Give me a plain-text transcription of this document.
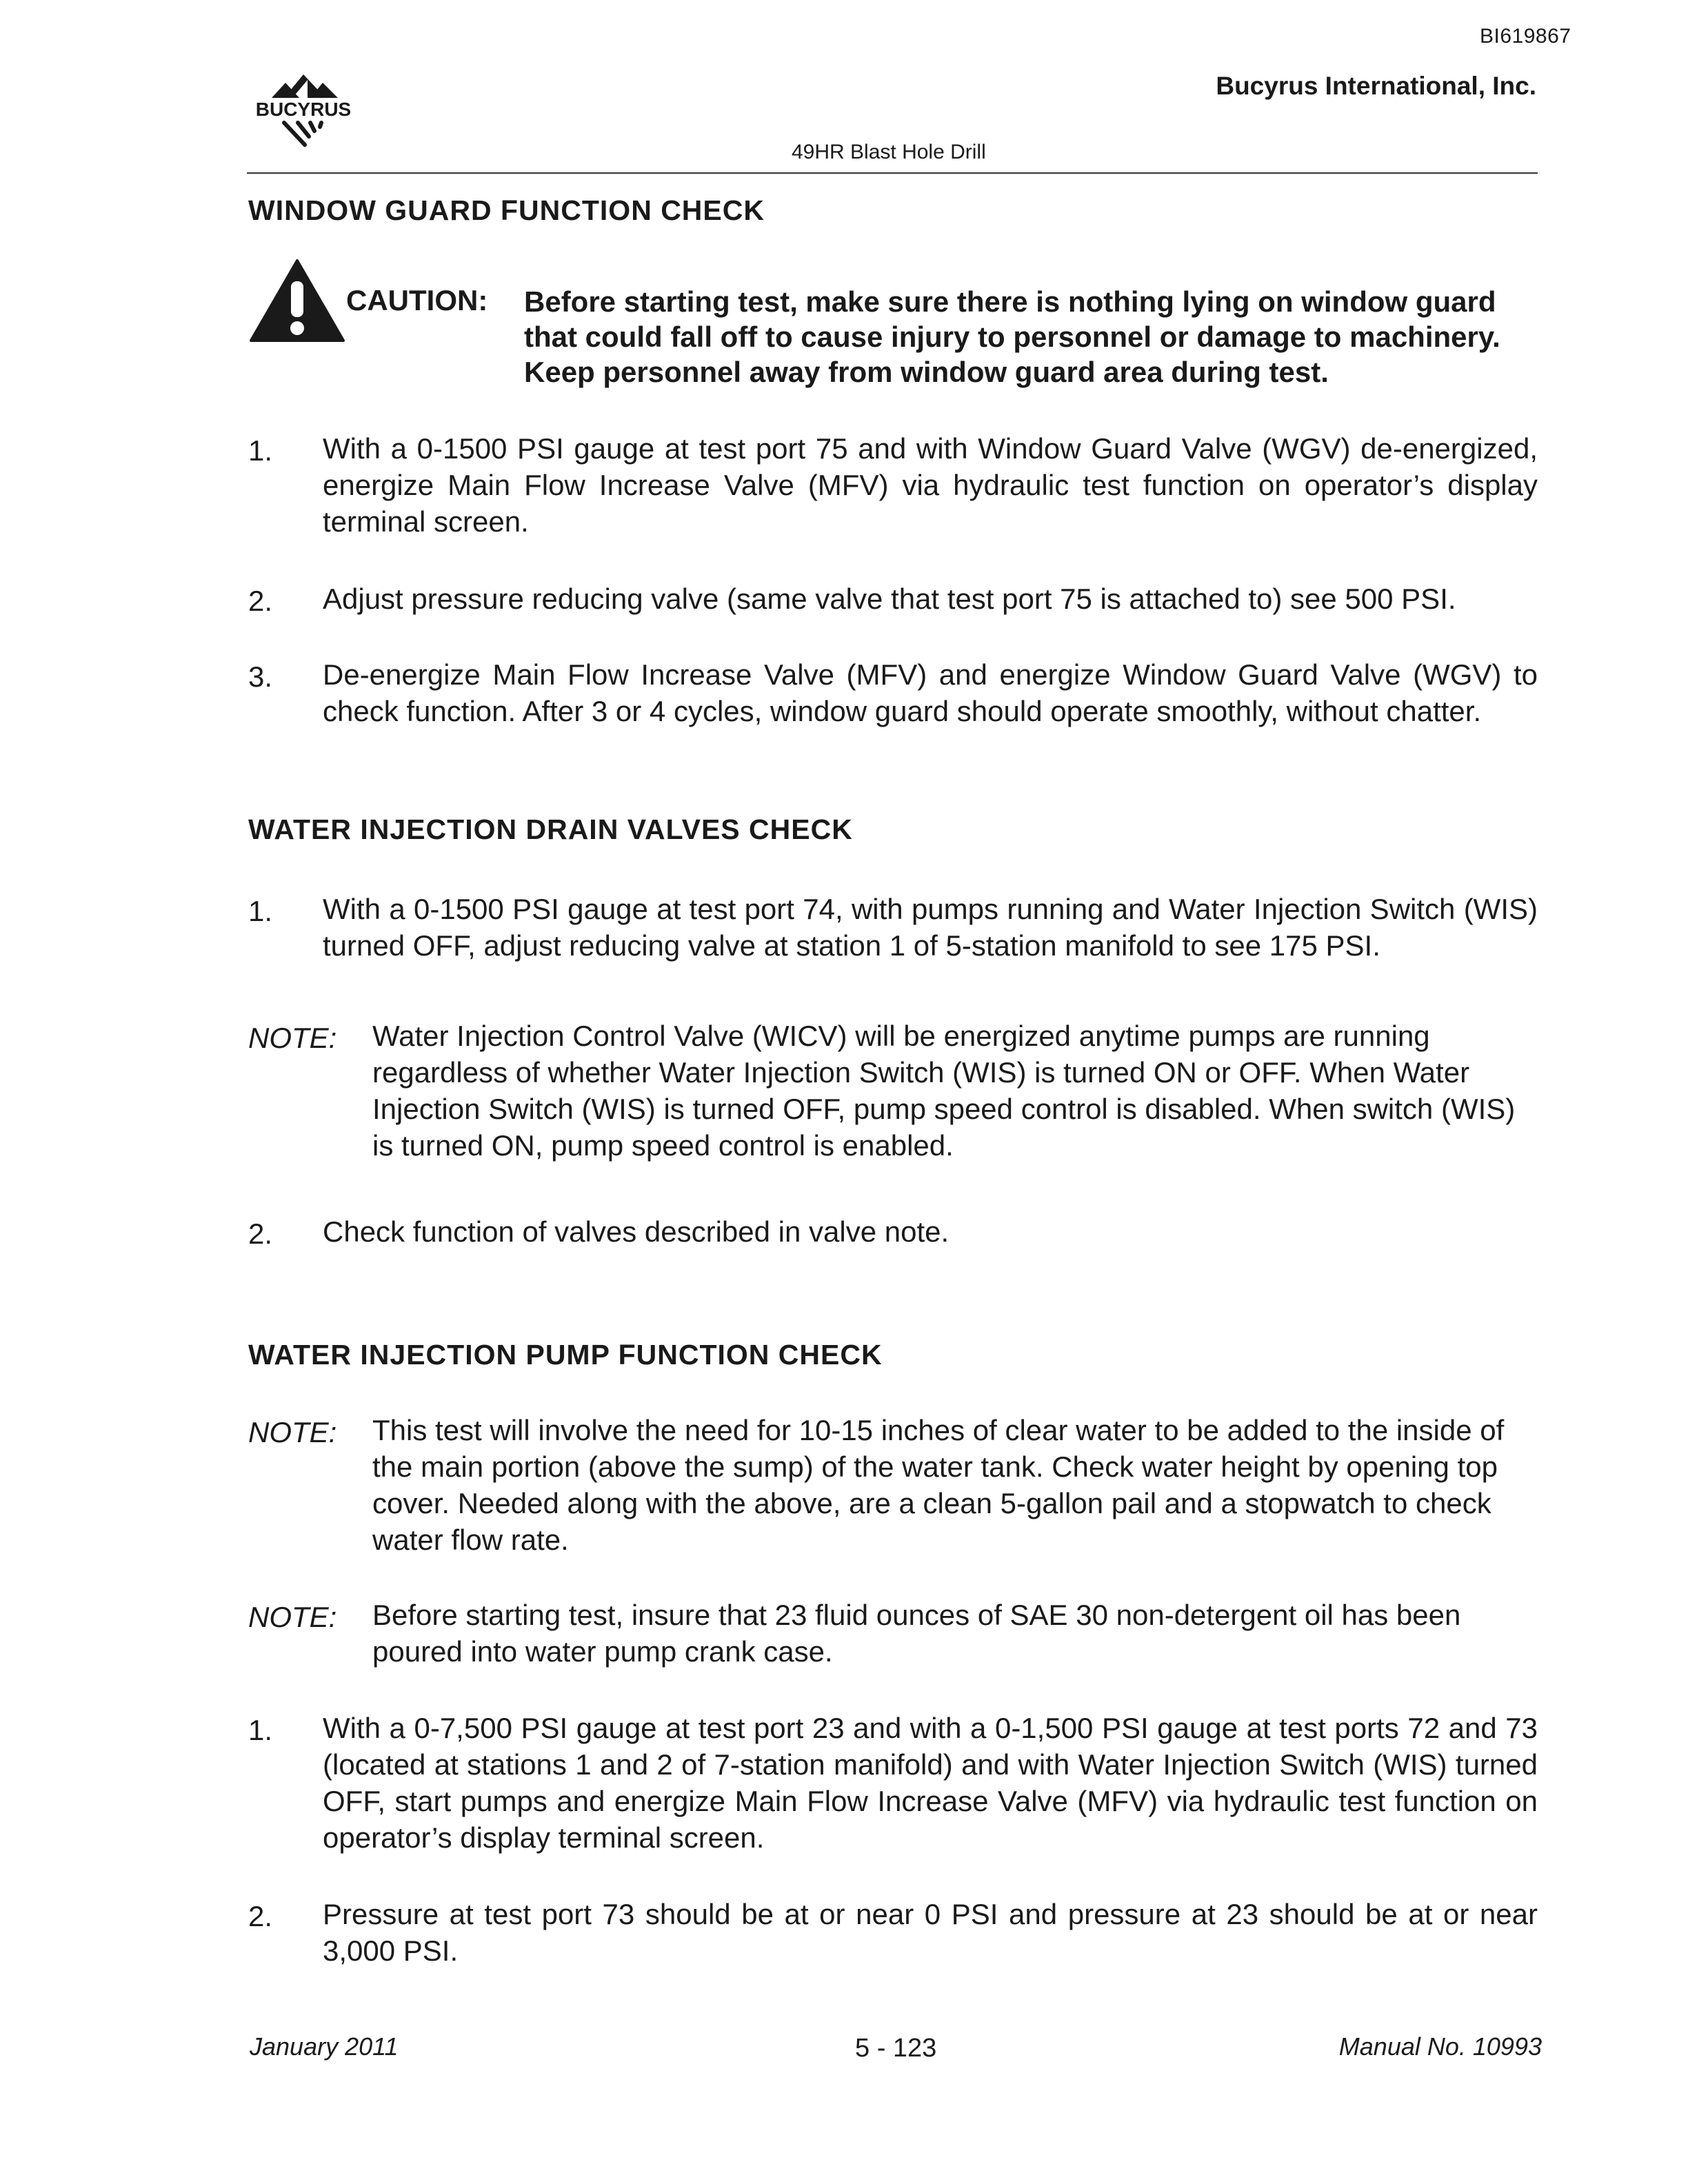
BI619867
BUCYRUS
Bucyrus International, Inc.
49HR Blast Hole Drill
WINDOW GUARD FUNCTION CHECK
CAUTION: Before starting test, make sure there is nothing lying on window guard that could fall off to cause injury to personnel or damage to machinery. Keep personnel away from window guard area during test.

1. With a 0-1500 PSI gauge at test port 75 and with Window Guard Valve (WGV) de-energized, energize Main Flow Increase Valve (MFV) via hydraulic test function on operator’s display terminal screen.

2. Adjust pressure reducing valve (same valve that test port 75 is attached to) see 500 PSI.

3. De-energize Main Flow Increase Valve (MFV) and energize Window Guard Valve (WGV) to check function. After 3 or 4 cycles, window guard should operate smoothly, without chatter.

WATER INJECTION DRAIN VALVES CHECK
1. With a 0-1500 PSI gauge at test port 74, with pumps running and Water Injection Switch (WIS) turned OFF, adjust reducing valve at station 1 of 5-station manifold to see 175 PSI.

NOTE: Water Injection Control Valve (WICV) will be energized anytime pumps are running regardless of whether Water Injection Switch (WIS) is turned ON or OFF. When Water Injection Switch (WIS) is turned OFF, pump speed control is disabled. When switch (WIS) is turned ON, pump speed control is enabled.

2. Check function of valves described in valve note.

WATER INJECTION PUMP FUNCTION CHECK
NOTE: This test will involve the need for 10-15 inches of clear water to be added to the inside of the main portion (above the sump) of the water tank. Check water height by opening top cover. Needed along with the above, are a clean 5-gallon pail and a stopwatch to check water flow rate.

NOTE: Before starting test, insure that 23 fluid ounces of SAE 30 non-detergent oil has been poured into water pump crank case.

1. With a 0-7,500 PSI gauge at test port 23 and with a 0-1,500 PSI gauge at test ports 72 and 73 (located at stations 1 and 2 of 7-station manifold) and with Water Injection Switch (WIS) turned OFF, start pumps and energize Main Flow Increase Valve (MFV) via hydraulic test function on operator’s display terminal screen.

2. Pressure at test port 73 should be at or near 0 PSI and pressure at 23 should be at or near 3,000 PSI.

January 2011	5 - 123	Manual No. 10993
